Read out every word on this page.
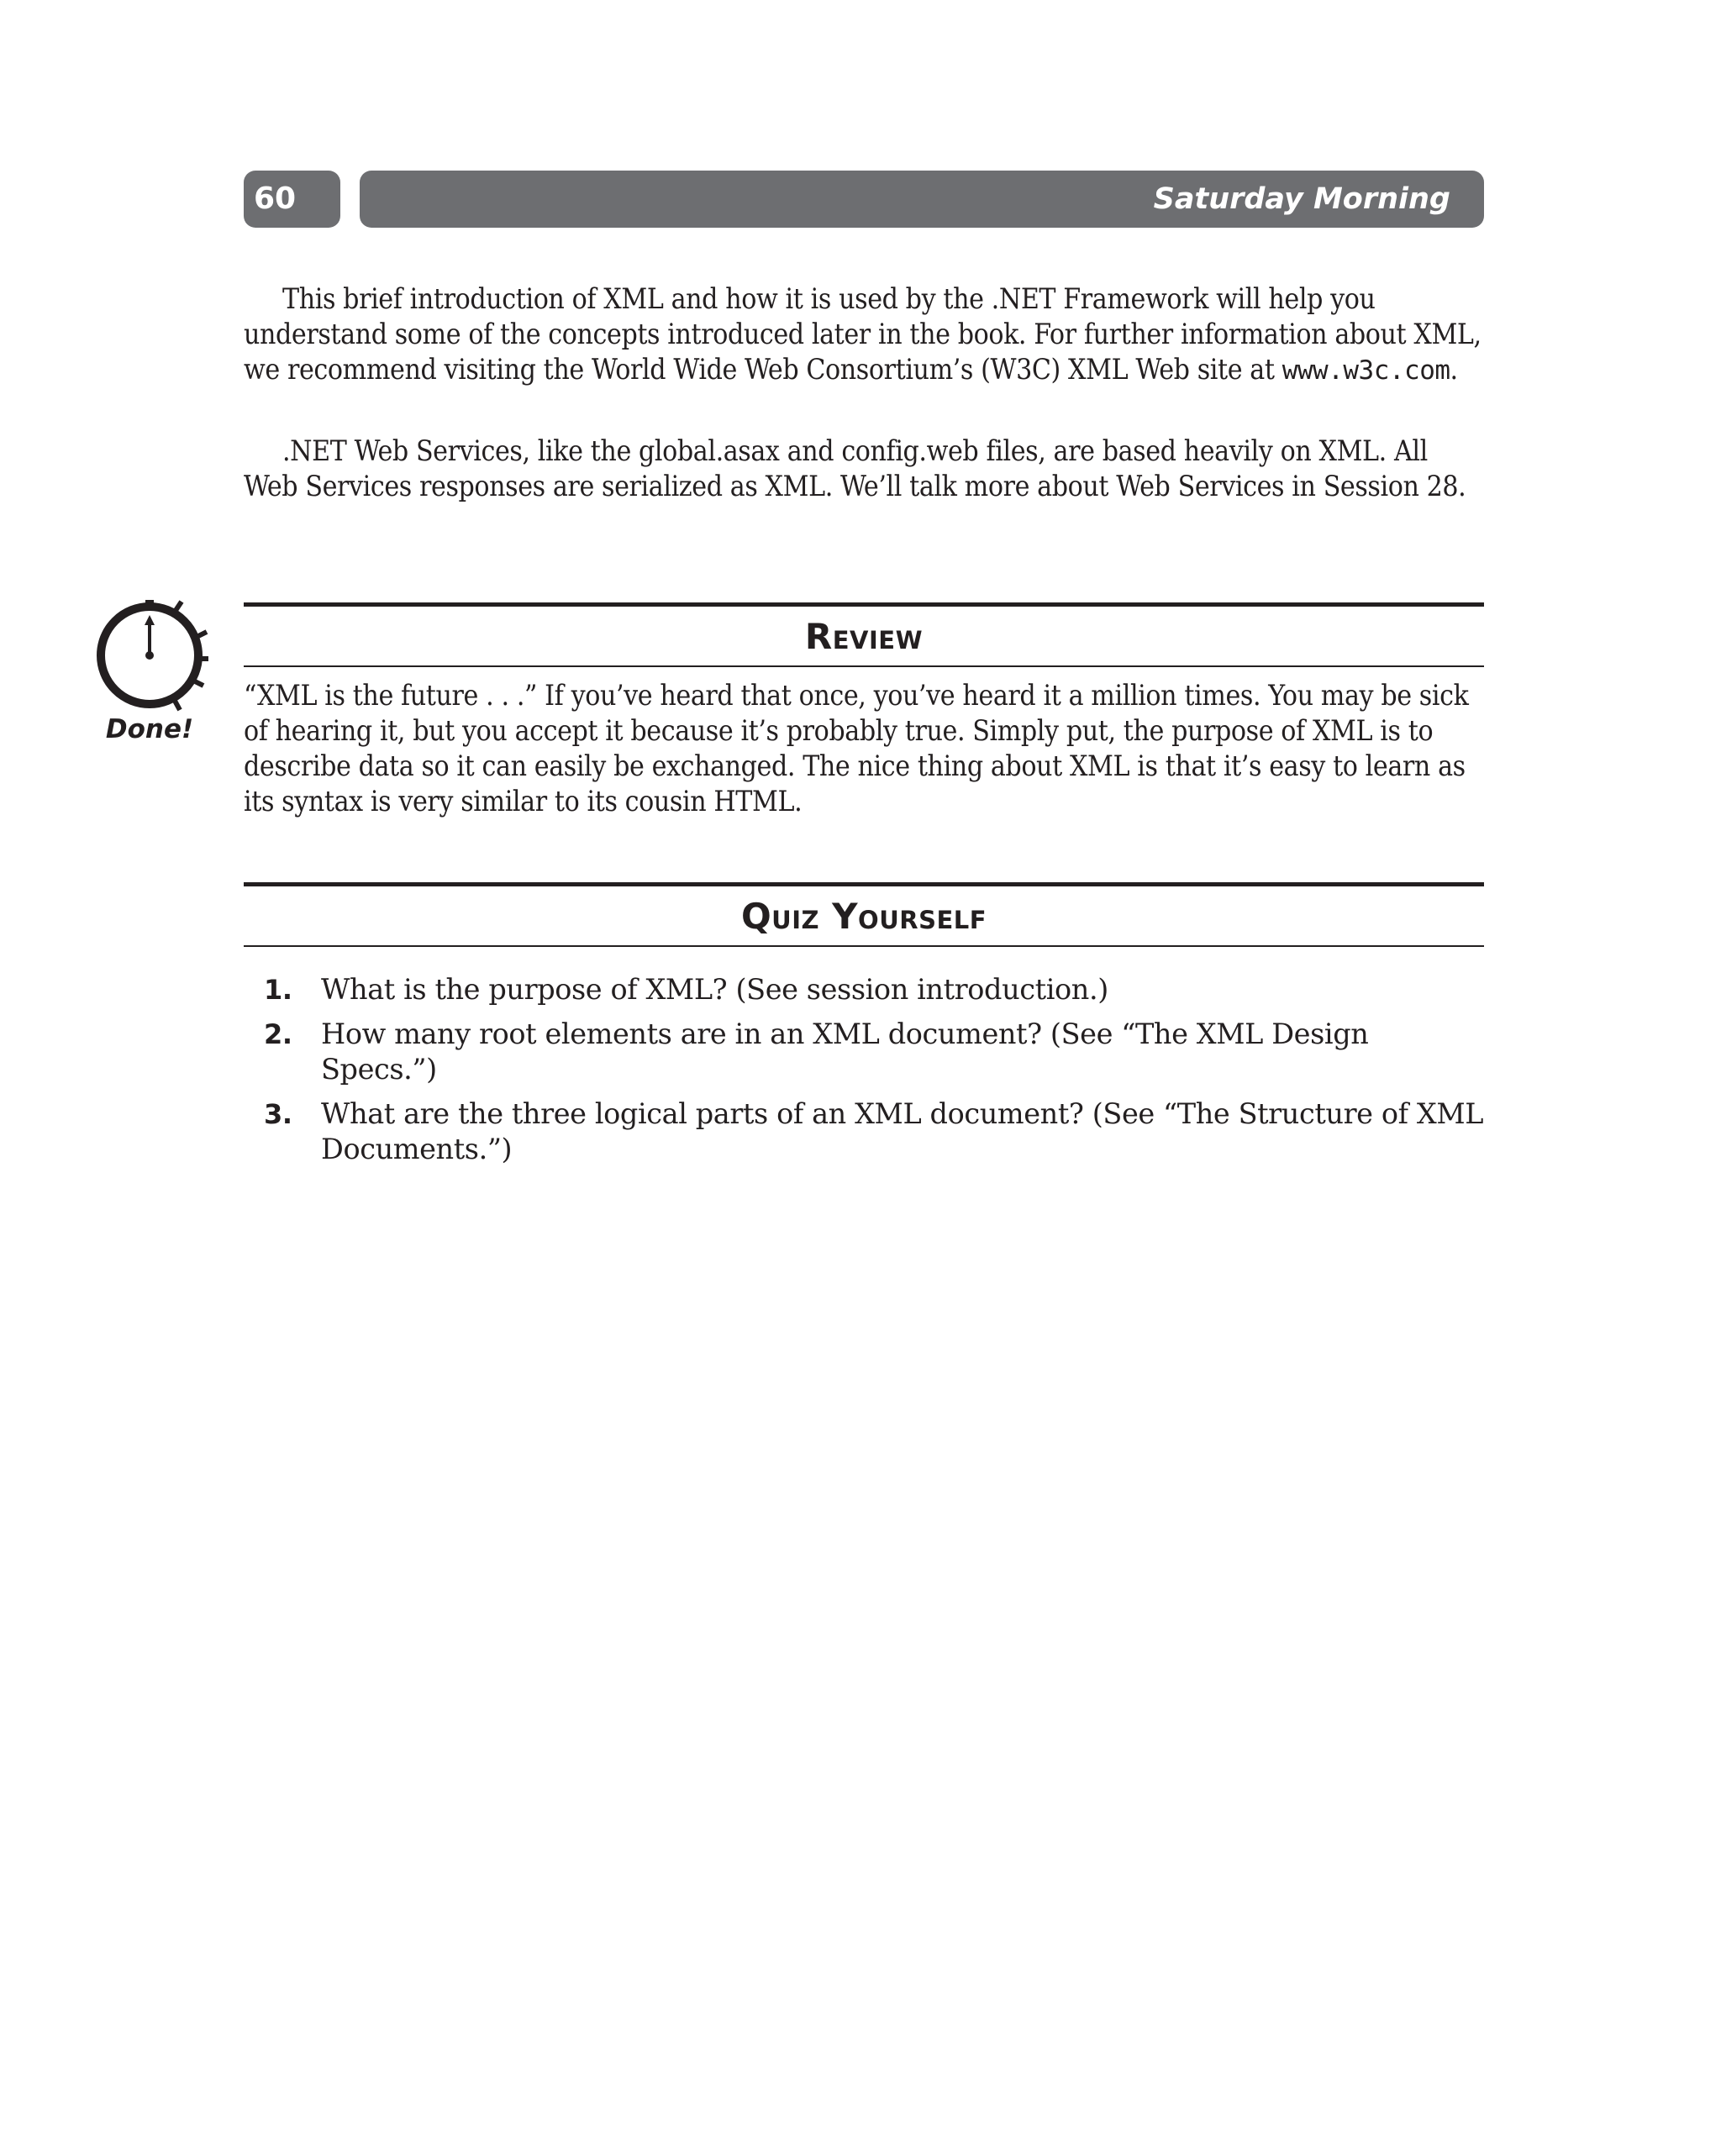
60	Saturday Morning

This brief introduction of XML and how it is used by the .NET Framework will help you understand some of the concepts introduced later in the book. For further information about XML, we recommend visiting the World Wide Web Consortium’s (W3C) XML Web site at www.w3c.com.

.NET Web Services, like the global.asax and config.web files, are based heavily on XML. All Web Services responses are serialized as XML. We’ll talk more about Web Services in Session 28.

Review
Done!

“XML is the future . . .” If you’ve heard that once, you’ve heard it a million times. You may be sick of hearing it, but you accept it because it’s probably true. Simply put, the purpose of XML is to describe data so it can easily be exchanged. The nice thing about XML is that it’s easy to learn as its syntax is very similar to its cousin HTML.

Quiz Yourself
1. What is the purpose of XML? (See session introduction.)
2. How many root elements are in an XML document? (See “The XML Design Specs.”)
3. What are the three logical parts of an XML document? (See “The Structure of XML Documents.”)
